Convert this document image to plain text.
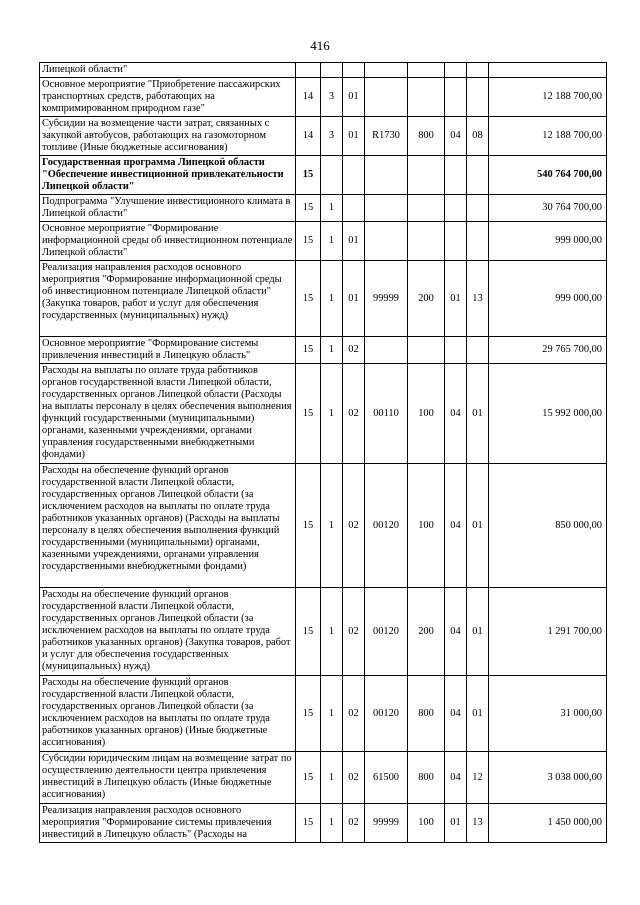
416
Липецкой области"								
Основное мероприятие "Приобретение пассажирских транспортных средств, работающих на компримированном природном газе"	14	3	01					12 188 700,00
Субсидии на возмещение части затрат, связанных с закупкой автобусов, работающих на газомоторном топливе (Иные бюджетные ассигнования)	14	3	01	R1730	800	04	08	12 188 700,00
Государственная программа Липецкой области "Обеспечение инвестиционной привлекательности Липецкой области"	15							540 764 700,00
Подпрограмма "Улучшение инвестиционного климата в Липецкой области"	15	1						30 764 700,00
Основное мероприятие "Формирование информационной среды об инвестиционном потенциале Липецкой области"	15	1	01					999 000,00
Реализация направления расходов основного мероприятия "Формирование информационной среды об инвестиционном потенциале Липецкой области" (Закупка товаров, работ и услуг для обеспечения государственных (муниципальных) нужд)	15	1	01	99999	200	01	13	999 000,00
Основное мероприятие "Формирование системы привлечения инвестиций в Липецкую область"	15	1	02					29 765 700,00
Расходы на выплаты по оплате труда работников органов государственной власти Липецкой области, государственных органов Липецкой области (Расходы на выплаты персоналу в целях обеспечения выполнения функций государственными (муниципальными) органами, казенными учреждениями, органами управления государственными внебюджетными фондами)	15	1	02	00110	100	04	01	15 992 000,00
Расходы на обеспечение функций органов государственной власти Липецкой области, государственных органов Липецкой области (за исключением расходов на выплаты по оплате труда работников указанных органов) (Расходы на выплаты персоналу в целях обеспечения выполнения функций государственными (муниципальными) органами, казенными учреждениями, органами управления государственными внебюджетными фондами)	15	1	02	00120	100	04	01	850 000,00
Расходы на обеспечение функций органов государственной власти Липецкой области, государственных органов Липецкой области (за исключением расходов на выплаты по оплате труда работников указанных органов) (Закупка товаров, работ и услуг для обеспечения государственных (муниципальных) нужд)	15	1	02	00120	200	04	01	1 291 700,00
Расходы на обеспечение функций органов государственной власти Липецкой области, государственных органов Липецкой области (за исключением расходов на выплаты по оплате труда работников указанных органов) (Иные бюджетные ассигнования)	15	1	02	00120	800	04	01	31 000,00
Субсидии юридическим лицам на возмещение затрат по осуществлению деятельности центра привлечения инвестиций в Липецкую область (Иные бюджетные ассигнования)	15	1	02	61500	800	04	12	3 038 000,00
Реализация направления расходов основного мероприятия "Формирование системы привлечения инвестиций в Липецкую область" (Расходы на	15	1	02	99999	100	01	13	1 450 000,00
